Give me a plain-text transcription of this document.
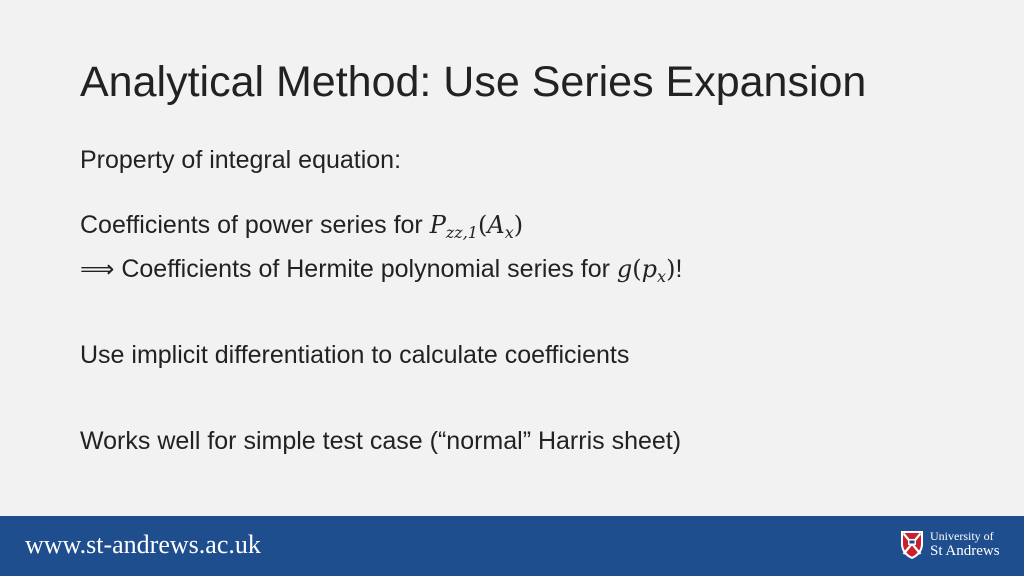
Analytical Method: Use Series Expansion

Property of integral equation:

Coefficients of power series for $P_{zz,1}(A_x)$

⟹ Coefficients of Hermite polynomial series for $g(p_x)$!

Use implicit differentiation to calculate coefficients

Works well for simple test case (“normal” Harris sheet)

www.st-andrews.ac.uk	University of
St Andrews
